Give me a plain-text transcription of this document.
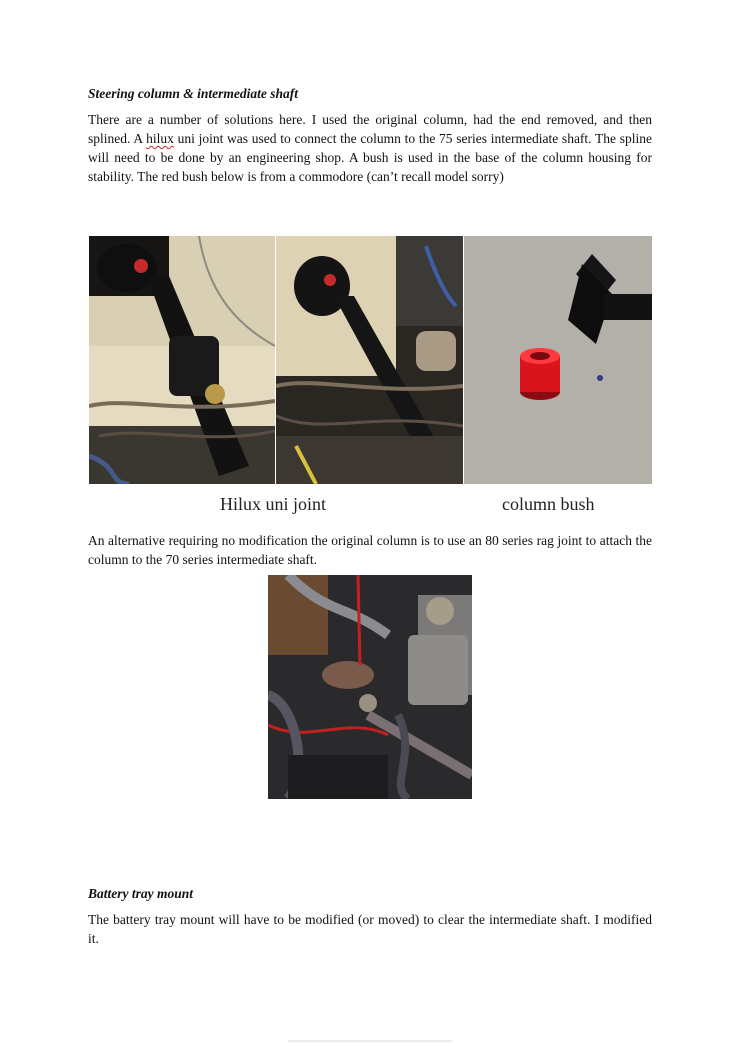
Steering column & intermediate shaft

There are a number of solutions here. I used the original column, had the end removed, and then splined. A hilux uni joint was used to connect the column to the 75 series intermediate shaft. The spline will need to be done by an engineering shop. A bush is used in the base of the column housing for stability. The red bush below is from a commodore (can’t recall model sorry)

Hilux uni joint	column bush

An alternative requiring no modification the original column is to use an 80 series rag joint to attach the column to the 70 series intermediate shaft.

Battery tray mount

The battery tray mount will have to be modified (or moved) to clear the intermediate shaft. I modified it.
